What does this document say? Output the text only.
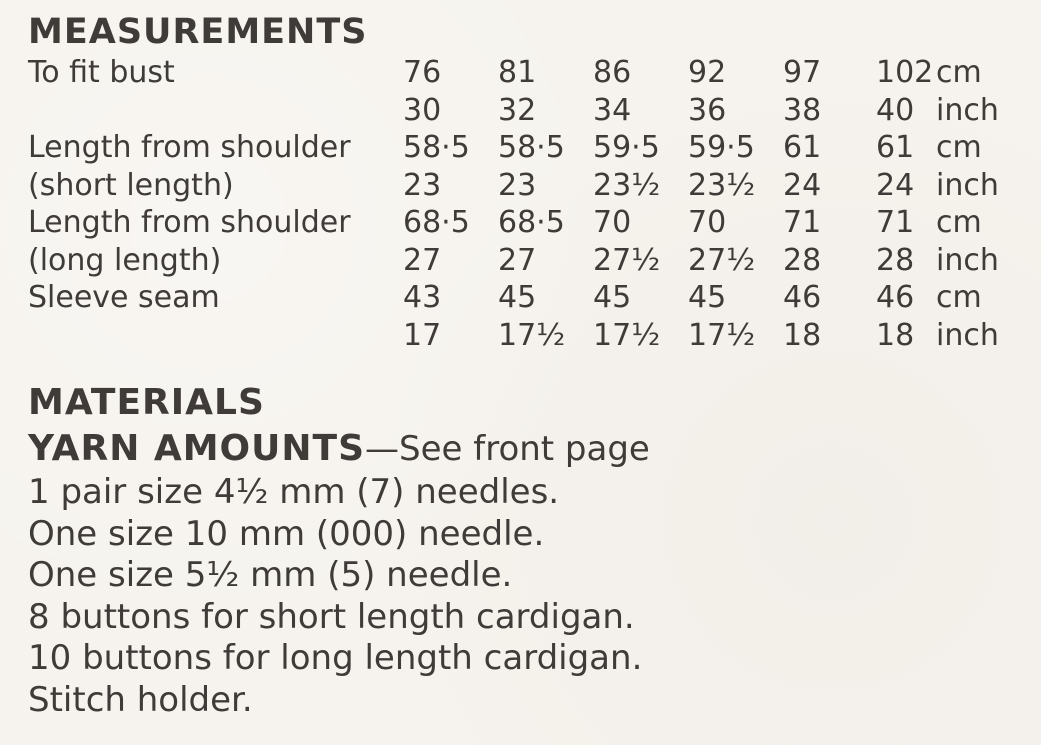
MEASUREMENTS
To fit bust	76 81 86 92 97 102 cm
30 32 34 36 38 40 inch
Length from shoulder 58·5 58·5 59·5 59·5 61 61 cm
(short length)	23 23 23½ 23½ 24 24 inch
Length from shoulder 68·5 68·5 70 70 71 71 cm
(long length)	27 27 27½ 27½ 28 28 inch
Sleeve seam	43 45 45 45 46 46 cm
17 17½ 17½ 17½ 18 18 inch
MATERIALS
YARN AMOUNTS—See front page
1 pair size 4½ mm (7) needles.
One size 10 mm (000) needle.
One size 5½ mm (5) needle.
8 buttons for short length cardigan.
10 buttons for long length cardigan.
Stitch holder.
